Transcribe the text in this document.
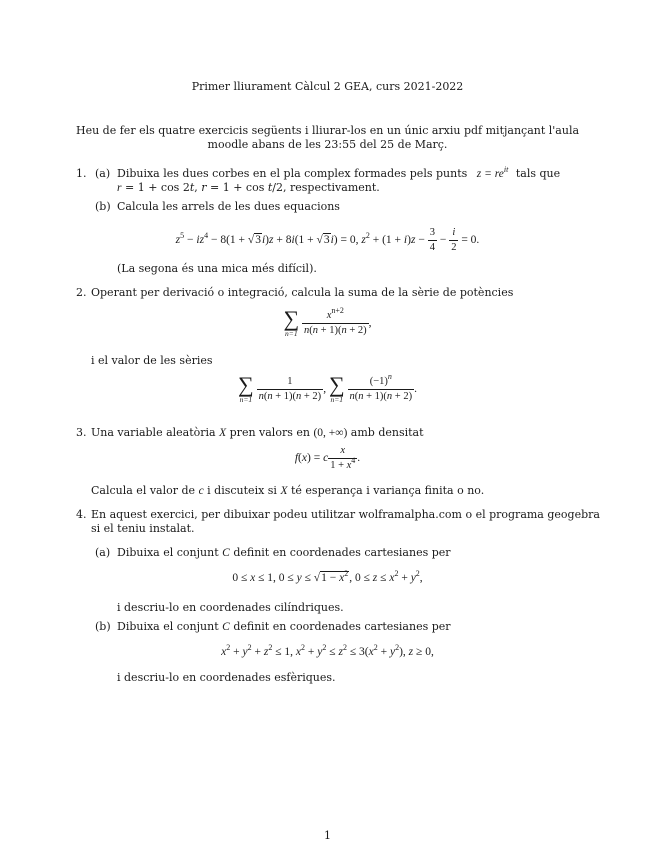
Primer lliurament Càlcul 2 GEA, curs 2021-2022
Heu de fer els quatre exercicis següents i lliurar-los en un únic arxiu pdf mitjançant l'aula
moodle abans de les 23:55 del 25 de Març.
1. (a) Dibuixa les dues corbes en el pla complex formades pels punts $z = re^{it}$ tals que
r = 1 + cos 2t, r = 1 + cos t/2, respectivament.
(b) Calcula les arrels de les dues equacions
$z^5 - iz^4 - 8(1 + √3i)z + 8i(1 + √3i) = 0$, $z^2 + (1 + i)z - \frac{3}{4} - \frac{i}{2} = 0$.
(La segona és una mica més difícil).
2. Operant per derivació o integració, calcula la suma de la sèrie de potències
∑
n=1
$\frac{x^{n+2}}{n(n + 1)(n + 2)}$ ,
i el valor de les sèries
∑
n=1
$\frac{1}{n(n + 1)(n + 2)}$ , ∑
n=1
$\frac{(-1)^n}{n(n + 1)(n + 2)}$ .
3. Una variable aleatòria X pren valors en (0, +∞) amb densitat
f(x) = c $\frac{x}{1 + x^4}$ .
Calcula el valor de c i discuteix si X té esperança i variança finita o no.
4. En aquest exercici, per dibuixar podeu utilitzar wolframalpha.com o el programa geogebra
si el teniu instalat.
(a) Dibuixa el conjunt C definit en coordenades cartesianes per
0 ≤ x ≤ 1, $0 \le y \le √1 - x^2$, $0 \le z \le x^2 + y^2$,
i descriu-lo en coordenades cilíndriques.
(b) Dibuixa el conjunt C definit en coordenades cartesianes per
$x^2 + y^2 + z^2 \le 1$, $x^2 + y^2 \le z^2 \le 3(x^2 + y^2)$, z ≥ 0,
i descriu-lo en coordenades esfèriques.
1
